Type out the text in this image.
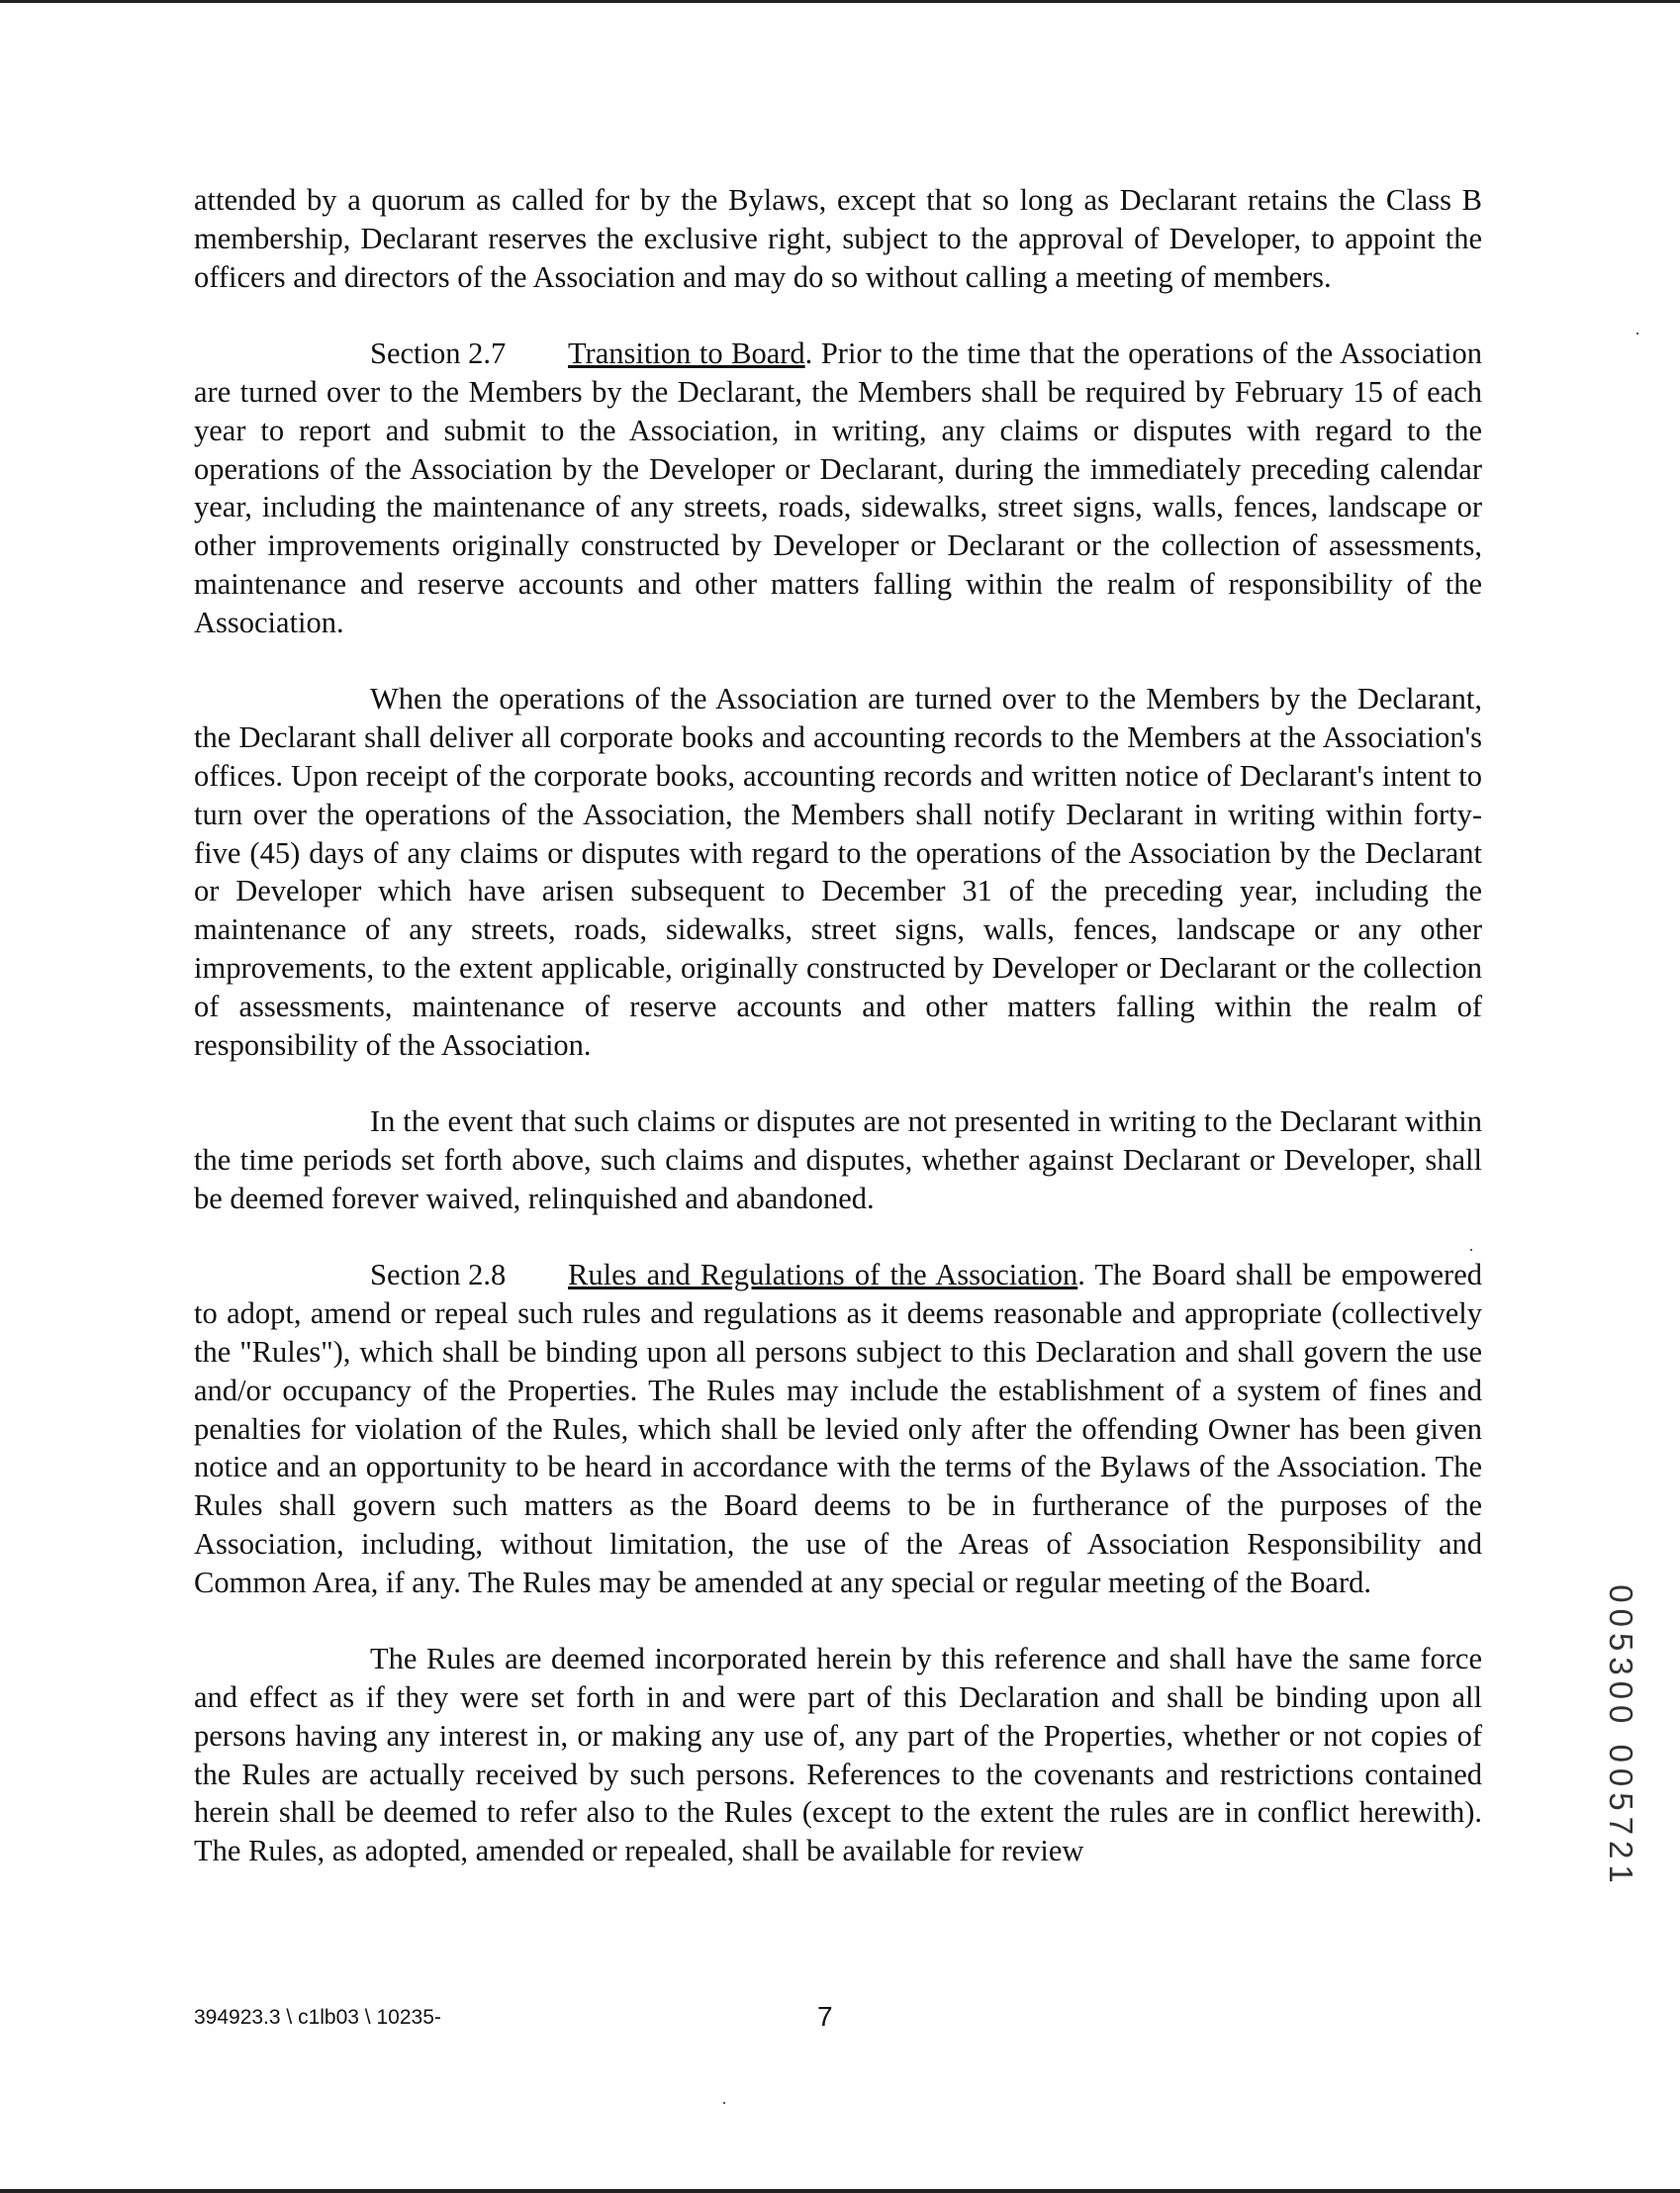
attended by a quorum as called for by the Bylaws, except that so long as Declarant retains the Class B membership, Declarant reserves the exclusive right, subject to the approval of Developer, to appoint the officers and directors of the Association and may do so without calling a meeting of members.

Section 2.7 Transition to Board. Prior to the time that the operations of the Association are turned over to the Members by the Declarant, the Members shall be required by February 15 of each year to report and submit to the Association, in writing, any claims or disputes with regard to the operations of the Association by the Developer or Declarant, during the immediately preceding calendar year, including the maintenance of any streets, roads, sidewalks, street signs, walls, fences, landscape or other improvements originally constructed by Developer or Declarant or the collection of assessments, maintenance and reserve accounts and other matters falling within the realm of responsibility of the Association.

When the operations of the Association are turned over to the Members by the Declarant, the Declarant shall deliver all corporate books and accounting records to the Members at the Association's offices. Upon receipt of the corporate books, accounting records and written notice of Declarant's intent to turn over the operations of the Association, the Members shall notify Declarant in writing within forty-five (45) days of any claims or disputes with regard to the operations of the Association by the Declarant or Developer which have arisen subsequent to December 31 of the preceding year, including the maintenance of any streets, roads, sidewalks, street signs, walls, fences, landscape or any other improvements, to the extent applicable, originally constructed by Developer or Declarant or the collection of assessments, maintenance of reserve accounts and other matters falling within the realm of responsibility of the Association.

In the event that such claims or disputes are not presented in writing to the Declarant within the time periods set forth above, such claims and disputes, whether against Declarant or Developer, shall be deemed forever waived, relinquished and abandoned.

Section 2.8 Rules and Regulations of the Association. The Board shall be empowered to adopt, amend or repeal such rules and regulations as it deems reasonable and appropriate (collectively the "Rules"), which shall be binding upon all persons subject to this Declaration and shall govern the use and/or occupancy of the Properties. The Rules may include the establishment of a system of fines and penalties for violation of the Rules, which shall be levied only after the offending Owner has been given notice and an opportunity to be heard in accordance with the terms of the Bylaws of the Association. The Rules shall govern such matters as the Board deems to be in furtherance of the purposes of the Association, including, without limitation, the use of the Areas of Association Responsibility and Common Area, if any. The Rules may be amended at any special or regular meeting of the Board.

The Rules are deemed incorporated herein by this reference and shall have the same force and effect as if they were set forth in and were part of this Declaration and shall be binding upon all persons having any interest in, or making any use of, any part of the Properties, whether or not copies of the Rules are actually received by such persons. References to the covenants and restrictions contained herein shall be deemed to refer also to the Rules (except to the extent the rules are in conflict herewith). The Rules, as adopted, amended or repealed, shall be available for review

394923.3 \ c1lb03 \ 10235-	7
005300 005721
